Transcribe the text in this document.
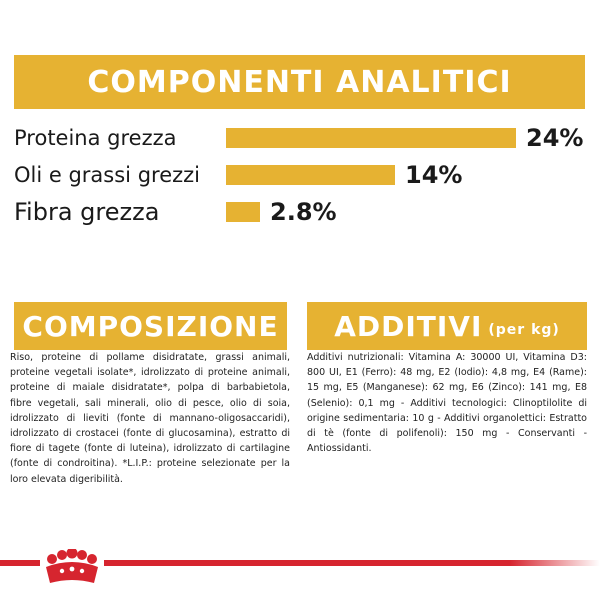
COMPONENTI ANALITICI
Proteina grezza	24%
Oli e grassi grezzi	14%
Fibra grezza	2.8%
COMPOSIZIONE ADDITIVI (per kg)
Riso, proteine di pollame disidratate, grassi animali, proteine vegetali isolate*, idrolizzato di proteine animali, proteine di maiale disidratate*, polpa di barbabietola, fibre vegetali, sali minerali, olio di pesce, olio di soia, idrolizzato di lieviti (fonte di mannano-oligosaccaridi), idrolizzato di crostacei (fonte di glucosamina), estratto di fiore di tagete (fonte di luteina), idrolizzato di cartilagine (fonte di condroitina). *L.I.P.: proteine selezionate per la loro elevata digeribilità.
Additivi nutrizionali: Vitamina A: 30000 UI, Vitamina D3: 800 UI, E1 (Ferro): 48 mg, E2 (Iodio): 4,8 mg, E4 (Rame): 15 mg, E5 (Manganese): 62 mg, E6 (Zinco): 141 mg, E8 (Selenio): 0,1 mg - Additivi tecnologici: Clinoptilolite di origine sedimentaria: 10 g - Additivi organolettici: Estratto di tè (fonte di polifenoli): 150 mg - Conservanti - Antiossidanti.
